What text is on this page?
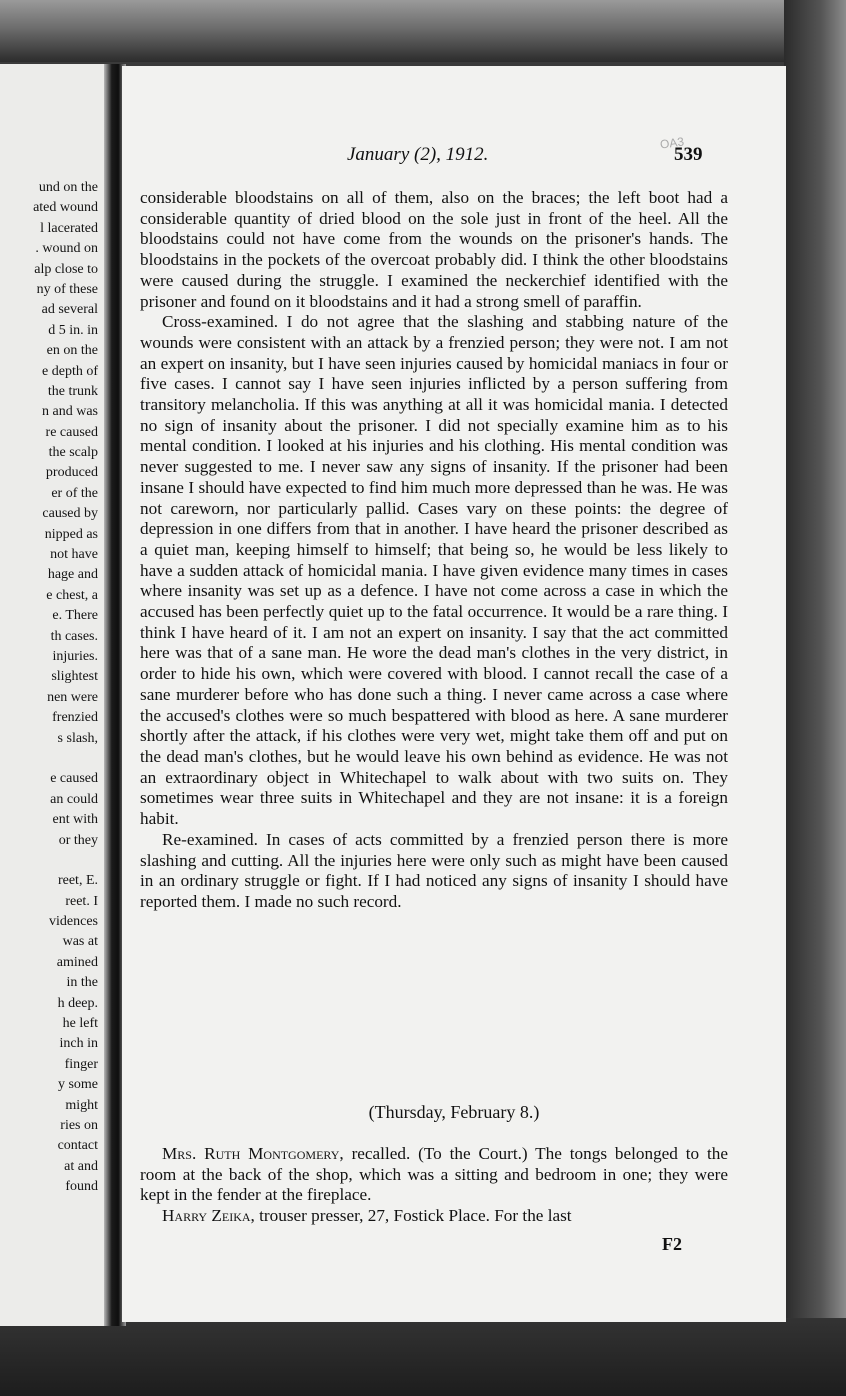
und on the
ated wound
l lacerated
. wound on
alp close to
ny of these
ad several
d 5 in. in
en on the
e depth of
the trunk
n and was
re caused
the scalp
produced
er of the
caused by
nipped as
not have
hage and
e chest, a
e. There
th cases.
injuries.
slightest
nen were
frenzied
s slash,
e caused
an could
ent with
or they
reet, E.
reet. I
vidences
was at
amined
in the
h deep.
he left
inch in
finger
y some
might
ries on
contact
at and
found
January (2), 1912.	539
OA3

considerable bloodstains on all of them, also on the braces; the left boot had a considerable quantity of dried blood on the sole just in front of the heel. All the bloodstains could not have come from the wounds on the prisoner's hands. The bloodstains in the pockets of the overcoat probably did. I think the other bloodstains were caused during the struggle. I examined the neckerchief identified with the prisoner and found on it bloodstains and it had a strong smell of paraffin.

Cross-examined. I do not agree that the slashing and stabbing nature of the wounds were consistent with an attack by a frenzied person; they were not. I am not an expert on insanity, but I have seen injuries caused by homicidal maniacs in four or five cases. I cannot say I have seen injuries inflicted by a person suffering from transitory melancholia. If this was anything at all it was homicidal mania. I detected no sign of insanity about the prisoner. I did not specially examine him as to his mental condition. I looked at his injuries and his clothing. His mental condition was never suggested to me. I never saw any signs of insanity. If the prisoner had been insane I should have expected to find him much more depressed than he was. He was not careworn, nor particularly pallid. Cases vary on these points: the degree of depression in one differs from that in another. I have heard the prisoner described as a quiet man, keeping himself to himself; that being so, he would be less likely to have a sudden attack of homicidal mania. I have given evidence many times in cases where insanity was set up as a defence. I have not come across a case in which the accused has been perfectly quiet up to the fatal occurrence. It would be a rare thing. I think I have heard of it. I am not an expert on insanity. I say that the act committed here was that of a sane man. He wore the dead man's clothes in the very district, in order to hide his own, which were covered with blood. I cannot recall the case of a sane murderer before who has done such a thing. I never came across a case where the accused's clothes were so much bespattered with blood as here. A sane murderer shortly after the attack, if his clothes were very wet, might take them off and put on the dead man's clothes, but he would leave his own behind as evidence. He was not an extraordinary object in Whitechapel to walk about with two suits on. They sometimes wear three suits in Whitechapel and they are not insane: it is a foreign habit.

Re-examined. In cases of acts committed by a frenzied person there is more slashing and cutting. All the injuries here were only such as might have been caused in an ordinary struggle or fight. If I had noticed any signs of insanity I should have reported them. I made no such record.

(Thursday, February 8.)

Mrs. Ruth Montgomery, recalled. (To the Court.) The tongs belonged to the room at the back of the shop, which was a sitting and bedroom in one; they were kept in the fender at the fireplace.

Harry Zeika, trouser presser, 27, Fostick Place. For the last

F2
